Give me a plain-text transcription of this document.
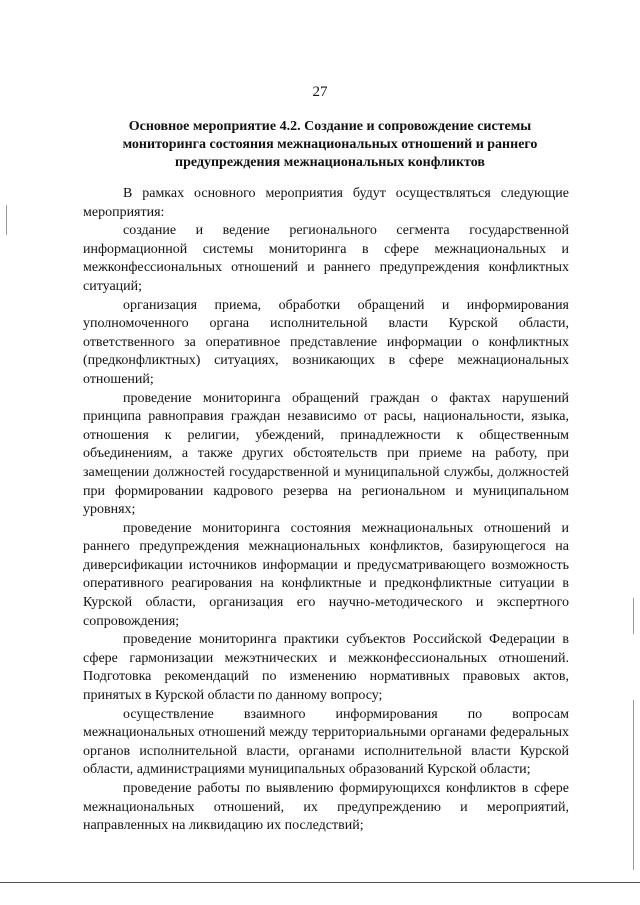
27
Основное мероприятие 4.2. Создание и сопровождение системы
мониторинга состояния межнациональных отношений и раннего
предупреждения межнациональных конфликтов

В рамках основного мероприятия будут осуществляться следующие мероприятия:

создание и ведение регионального сегмента государственной информационной системы мониторинга в сфере межнациональных и межконфессиональных отношений и раннего предупреждения конфликтных ситуаций;

организация приема, обработки обращений и информирования уполномоченного органа исполнительной власти Курской области, ответственного за оперативное представление информации о конфликтных (предконфликтных) ситуациях, возникающих в сфере межнациональных отношений;

проведение мониторинга обращений граждан о фактах нарушений принципа равноправия граждан независимо от расы, национальности, языка, отношения к религии, убеждений, принадлежности к общественным объединениям, а также других обстоятельств при приеме на работу, при замещении должностей государственной и муниципальной службы, должностей при формировании кадрового резерва на региональном и муниципальном уровнях;

проведение мониторинга состояния межнациональных отношений и раннего предупреждения межнациональных конфликтов, базирующегося на диверсификации источников информации и предусматривающего возможность оперативного реагирования на конфликтные и предконфликтные ситуации в Курской области, организация его научно-методического и экспертного сопровождения;

проведение мониторинга практики субъектов Российской Федерации в сфере гармонизации межэтнических и межконфессиональных отношений. Подготовка рекомендаций по изменению нормативных правовых актов, принятых в Курской области по данному вопросу;

осуществление взаимного информирования по вопросам межнациональных отношений между территориальными органами федеральных органов исполнительной власти, органами исполнительной власти Курской области, администрациями муниципальных образований Курской области;

проведение работы по выявлению формирующихся конфликтов в сфере межнациональных отношений, их предупреждению и мероприятий, направленных на ликвидацию их последствий;
